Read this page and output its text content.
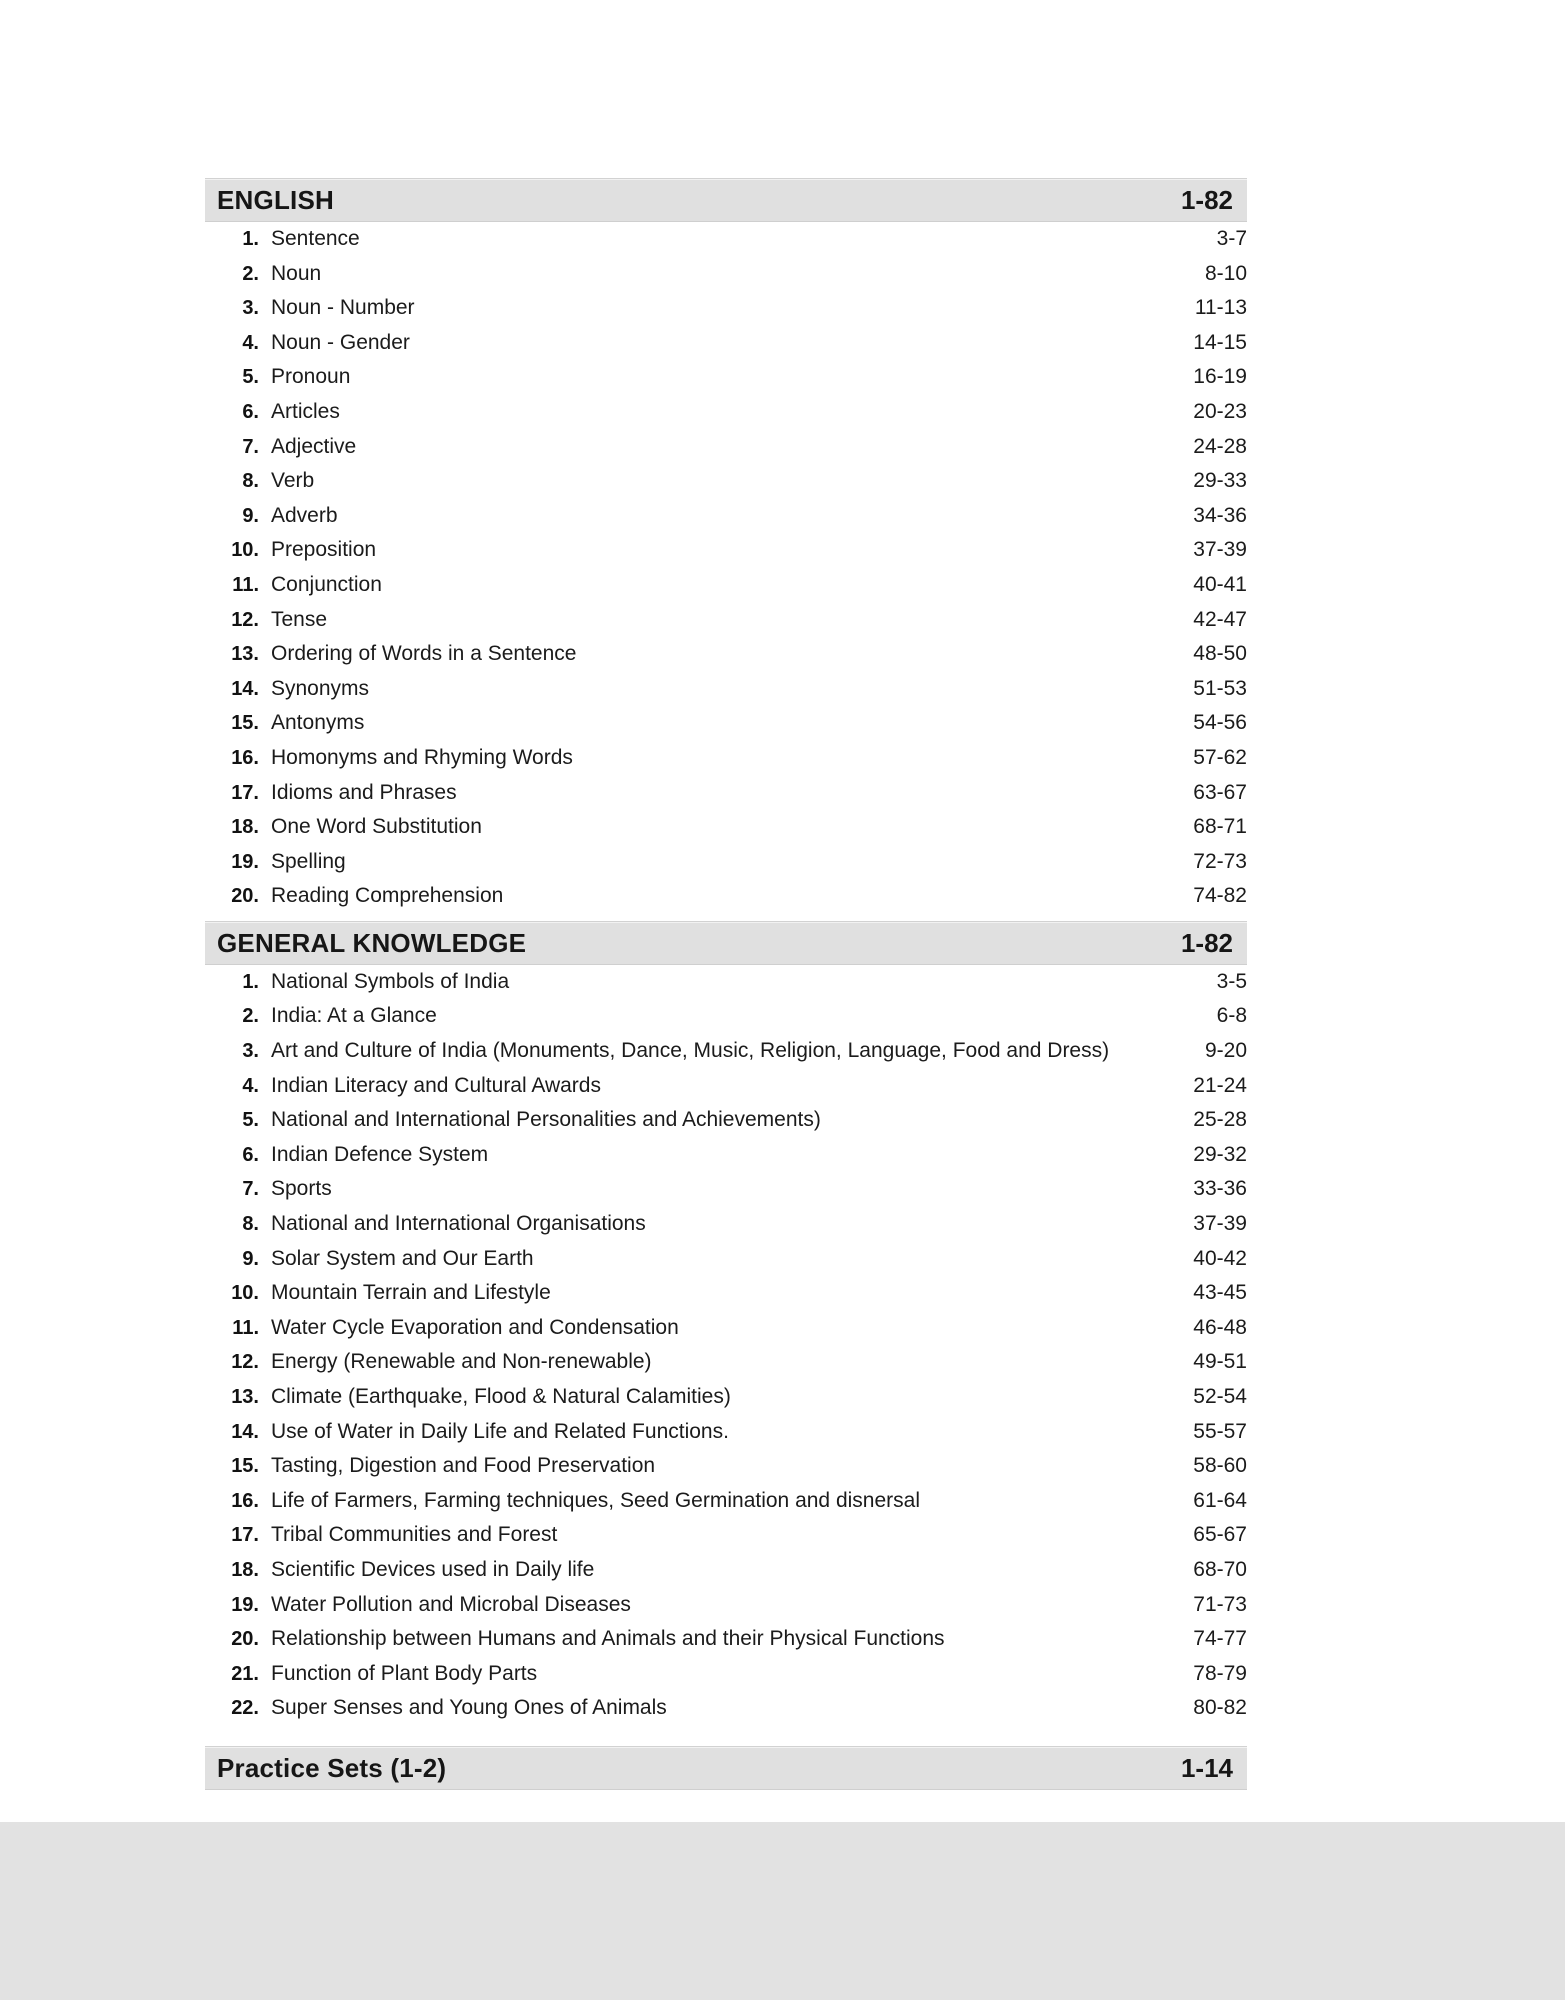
ENGLISH	1-82
1. Sentence	3-7
2. Noun	8-10
3. Noun - Number	11-13
4. Noun - Gender	14-15
5. Pronoun	16-19
6. Articles	20-23
7. Adjective	24-28
8. Verb	29-33
9. Adverb	34-36
10. Preposition	37-39
11. Conjunction	40-41
12. Tense	42-47
13. Ordering of Words in a Sentence	48-50
14. Synonyms	51-53
15. Antonyms	54-56
16. Homonyms and Rhyming Words	57-62
17. Idioms and Phrases	63-67
18. One Word Substitution	68-71
19. Spelling	72-73
20. Reading Comprehension	74-82
GENERAL KNOWLEDGE	1-82
1. National Symbols of India	3-5
2. India: At a Glance	6-8
3. Art and Culture of India (Monuments, Dance, Music, Religion, Language, Food and Dress)	9-20
4. Indian Literacy and Cultural Awards	21-24
5. National and International Personalities and Achievements)	25-28
6. Indian Defence System	29-32
7. Sports	33-36
8. National and International Organisations	37-39
9. Solar System and Our Earth	40-42
10. Mountain Terrain and Lifestyle	43-45
11. Water Cycle Evaporation and Condensation	46-48
12. Energy (Renewable and Non-renewable)	49-51
13. Climate (Earthquake, Flood & Natural Calamities)	52-54
14. Use of Water in Daily Life and Related Functions.	55-57
15. Tasting, Digestion and Food Preservation	58-60
16. Life of Farmers, Farming techniques, Seed Germination and disnersal	61-64
17. Tribal Communities and Forest	65-67
18. Scientific Devices used in Daily life	68-70
19. Water Pollution and Microbal Diseases	71-73
20. Relationship between Humans and Animals and their Physical Functions	74-77
21. Function of Plant Body Parts	78-79
22. Super Senses and Young Ones of Animals	80-82
Practice Sets (1-2)	1-14
